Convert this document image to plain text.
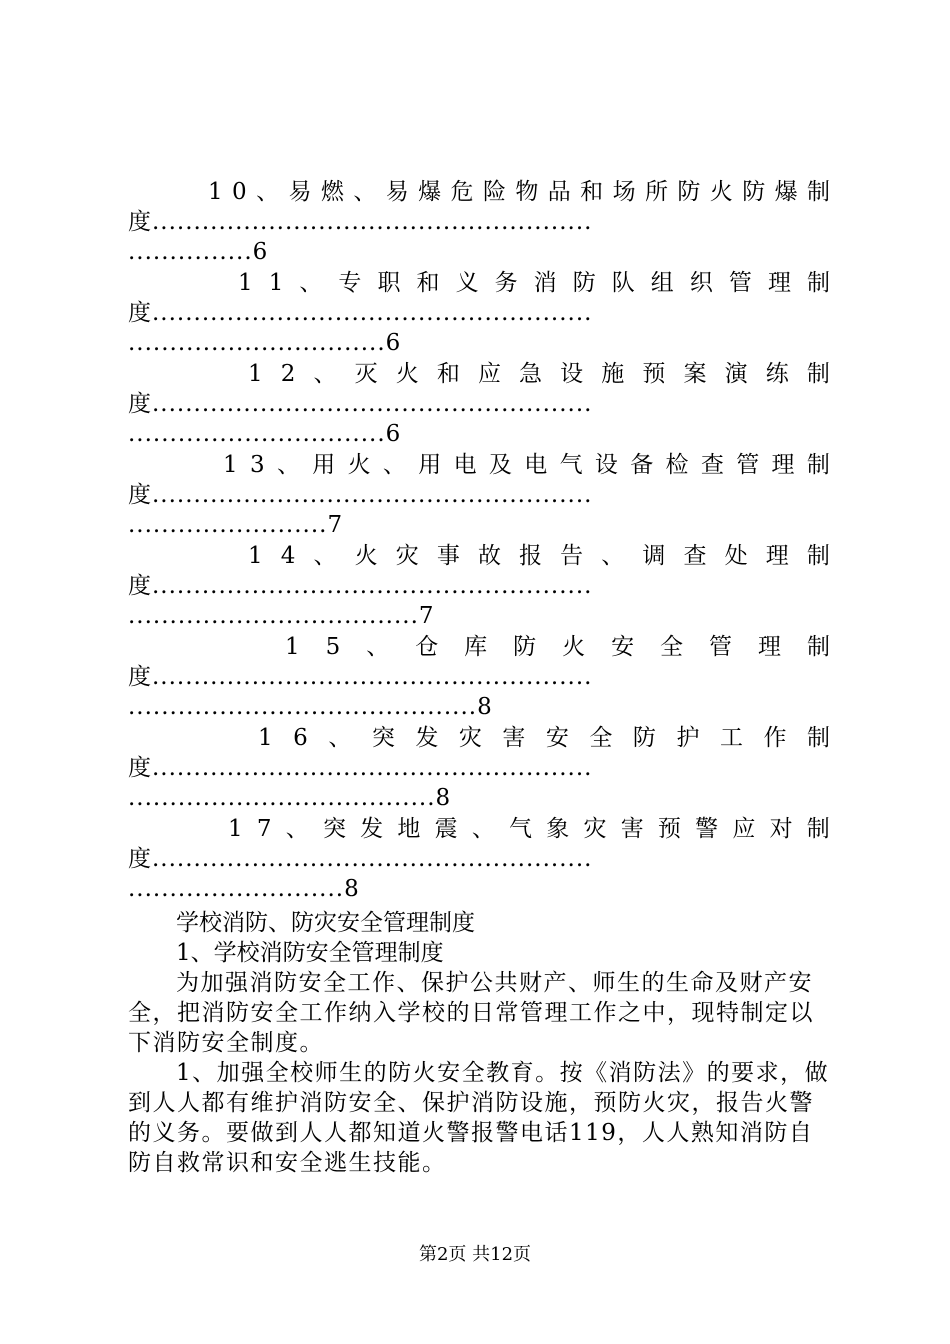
1 0 、 易 燃 、 易 爆 危 险 物 品 和 场 所 防 火 防 爆 制
度.....................................................
...............6
1 1 、 专 职 和 义 务 消 防 队 组 织 管 理 制
度.....................................................
...............................6
1 2 、 灭 火 和 应 急 设 施 预 案 演 练 制
度.....................................................
...............................6
1 3 、 用 火 、 用 电 及 电 气 设 备 检 查 管 理 制
度.....................................................
........................7
1 4 、 火 灾 事 故 报 告 、 调 查 处 理 制
度.....................................................
...................................7
1 5 、 仓 库 防 火 安 全 管 理 制
度.....................................................
..........................................8
1 6 、 突 发 灾 害 安 全 防 护 工 作 制
度.....................................................
.....................................8
1 7 、 突 发 地 震 、 气 象 灾 害 预 警 应 对 制
度.....................................................
..........................8
学校消防、防灾安全管理制度
1、学校消防安全管理制度

为加强消防安全工作、保护公共财产、师生的生命及财产安全，把消防安全工作纳入学校的日常管理工作之中，现特制定以下消防安全制度。

1、加强全校师生的防火安全教育。按《消防法》的要求，做到人人都有维护消防安全、保护消防设施，预防火灾，报告火警的义务。要做到人人都知道火警报警电话119，人人熟知消防自防自救常识和安全逃生技能。

第2页 共12页
